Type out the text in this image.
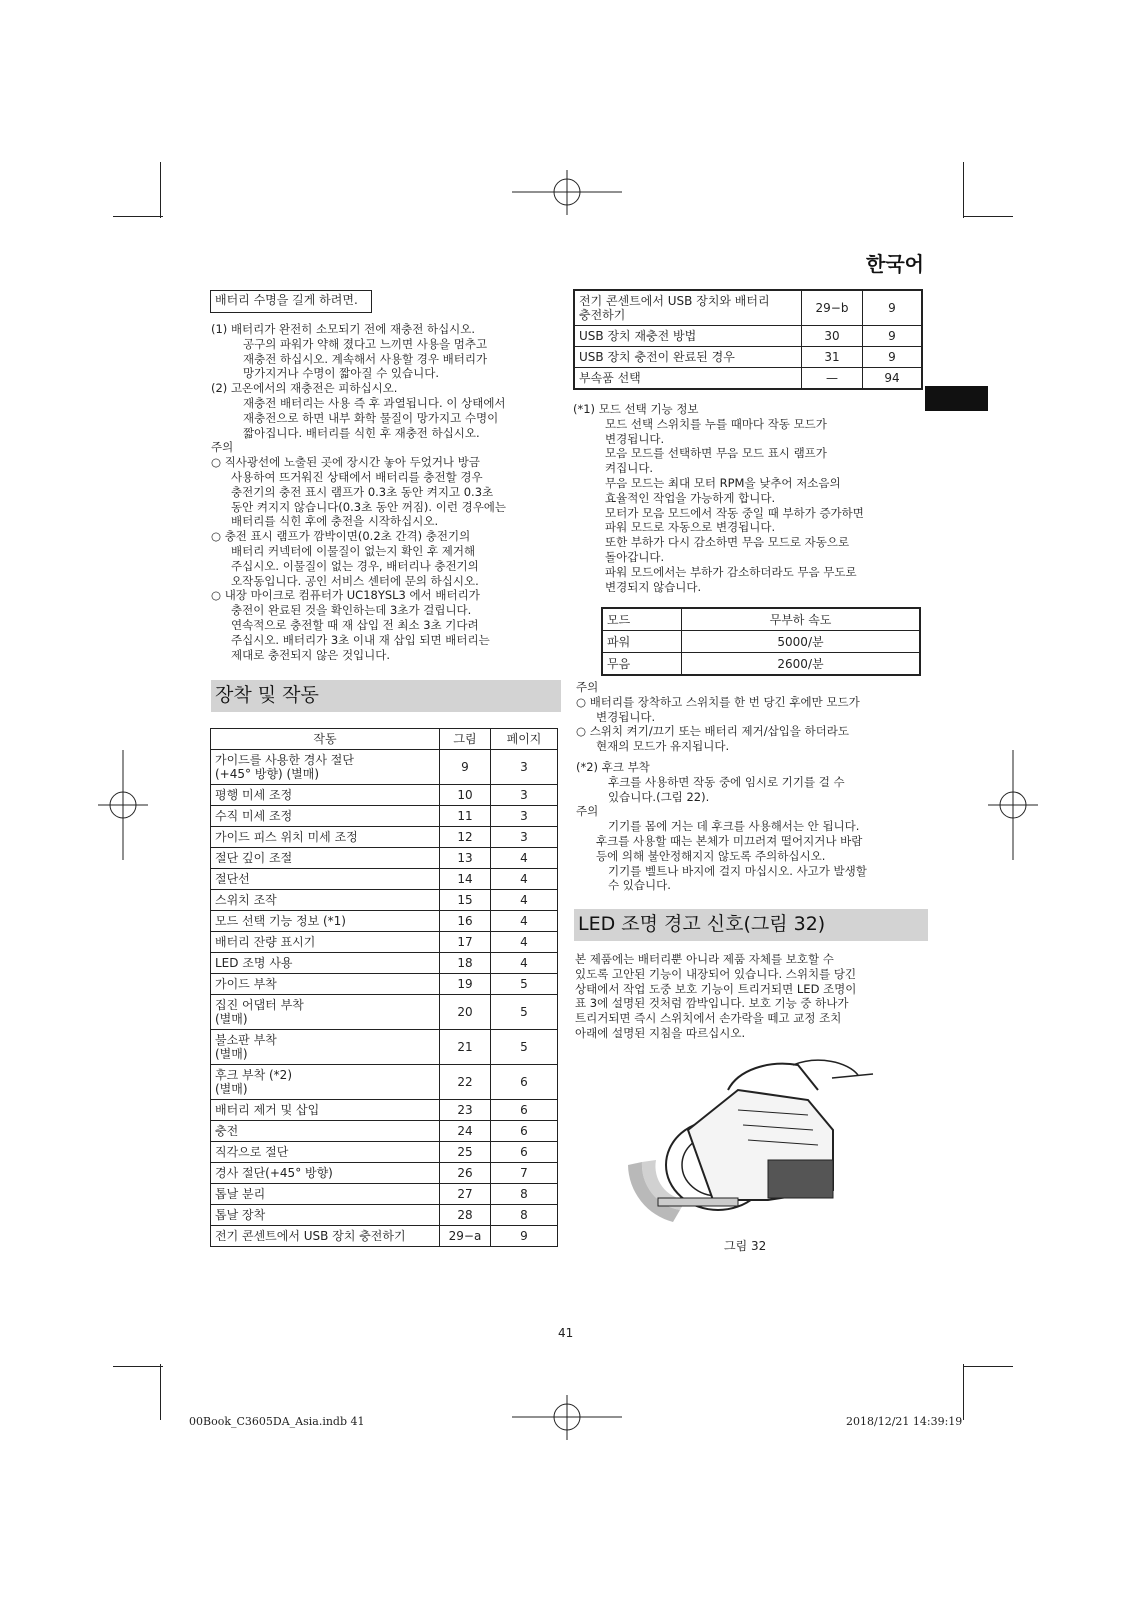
한국어
배터리 수명을 길게 하려면.
(1) 배터리가 완전히 소모되기 전에 재충전 하십시오.
공구의 파워가 약해 졌다고 느끼면 사용을 멈추고
재충전 하십시오. 계속해서 사용할 경우 배터리가
망가지거나 수명이 짧아질 수 있습니다.
(2) 고온에서의 재충전은 피하십시오.
재충전 배터리는 사용 즉 후 과열됩니다. 이 상태에서
재충전으로 하면 내부 화학 물질이 망가지고 수명이
짧아집니다. 배터리를 식힌 후 재충전 하십시오.
주의
○ 직사광선에 노출된 곳에 장시간 놓아 두었거나 방금
사용하여 뜨거워진 상태에서 배터리를 충전할 경우
충전기의 충전 표시 램프가 0.3초 동안 켜지고 0.3초
동안 켜지지 않습니다(0.3초 동안 꺼짐). 이런 경우에는
배터리를 식힌 후에 충전을 시작하십시오.
○ 충전 표시 램프가 깜박이면(0.2초 간격) 충전기의
배터리 커넥터에 이물질이 없는지 확인 후 제거해
주십시오. 이물질이 없는 경우, 배터리나 충전기의
오작동입니다. 공인 서비스 센터에 문의 하십시오.
○ 내장 마이크로 컴퓨터가 UC18YSL3 에서 배터리가
충전이 완료된 것을 확인하는데 3초가 걸립니다.
연속적으로 충전할 때 재 삽입 전 최소 3초 기다려
주십시오. 배터리가 3초 이내 재 삽입 되면 배터리는
제대로 충전되지 않은 것입니다.
장착 및 작동
작동	그림	페이지
가이드를 사용한 경사 절단
(+45° 방향) (별매)	9	3
평행 미세 조정	10	3
수직 미세 조정	11	3
가이드 피스 위치 미세 조정	12	3
절단 깊이 조절	13	4
절단선	14	4
스위치 조작	15	4
모드 선택 기능 정보 (*1)	16	4
배터리 잔량 표시기	17	4
LED 조명 사용	18	4
가이드 부착	19	5
집진 어댑터 부착
(별매)	20	5
불소판 부착
(별매)	21	5
후크 부착 (*2)
(별매)	22	6
배터리 제거 및 삽입	23	6
충전	24	6
직각으로 절단	25	6
경사 절단(+45° 방향)	26	7
톱날 분리	27	8
톱날 장착	28	8
전기 콘센트에서 USB 장치 충전하기	29−a	9
전기 콘센트에서 USB 장치와 배터리
충전하기	29−b	9
USB 장치 재충전 방법	30	9
USB 장치 충전이 완료된 경우	31	9
부속품 선택	—	94
(*1) 모드 선택 기능 정보
모드 선택 스위치를 누를 때마다 작동 모드가
변경됩니다.
모음 모드를 선택하면 무음 모드 표시 램프가
켜집니다.
무음 모드는 최대 모터 RPM을 낮추어 저소음의
효율적인 작업을 가능하게 합니다.
모터가 모음 모드에서 작동 중일 때 부하가 증가하면
파워 모드로 자동으로 변경됩니다.
또한 부하가 다시 감소하면 무음 모드로 자동으로
돌아갑니다.
파워 모드에서는 부하가 감소하더라도 무음 무도로
변경되지 않습니다.
모드	무부하 속도
파워	5000/분
무음	2600/분
주의
○ 배터리를 장착하고 스위치를 한 번 당긴 후에만 모드가
변경됩니다.
○ 스위치 켜기/끄기 또는 배터리 제거/삽입을 하더라도
현재의 모드가 유지됩니다.
(*2) 후크 부착
후크를 사용하면 작동 중에 임시로 기기를 걸 수
있습니다.(그림 22).
주의
기기를 몸에 거는 데 후크를 사용해서는 안 됩니다.
후크를 사용할 때는 본체가 미끄러져 떨어지거나 바람
등에 의해 불안정해지지 않도록 주의하십시오.
기기를 벨트나 바지에 걸지 마십시오. 사고가 발생할
수 있습니다.
LED 조명 경고 신호(그림 32)
본 제품에는 배터리뿐 아니라 제품 자체를 보호할 수
있도록 고안된 기능이 내장되어 있습니다. 스위치를 당긴
상태에서 작업 도중 보호 기능이 트리거되면 LED 조명이
표 3에 설명된 것처럼 깜박입니다. 보호 기능 중 하나가
트리거되면 즉시 스위치에서 손가락을 떼고 교정 조치
아래에 설명된 지침을 따르십시오.
그림 32
41
00Book_C3605DA_Asia.indb 41	2018/12/21 14:39:19
